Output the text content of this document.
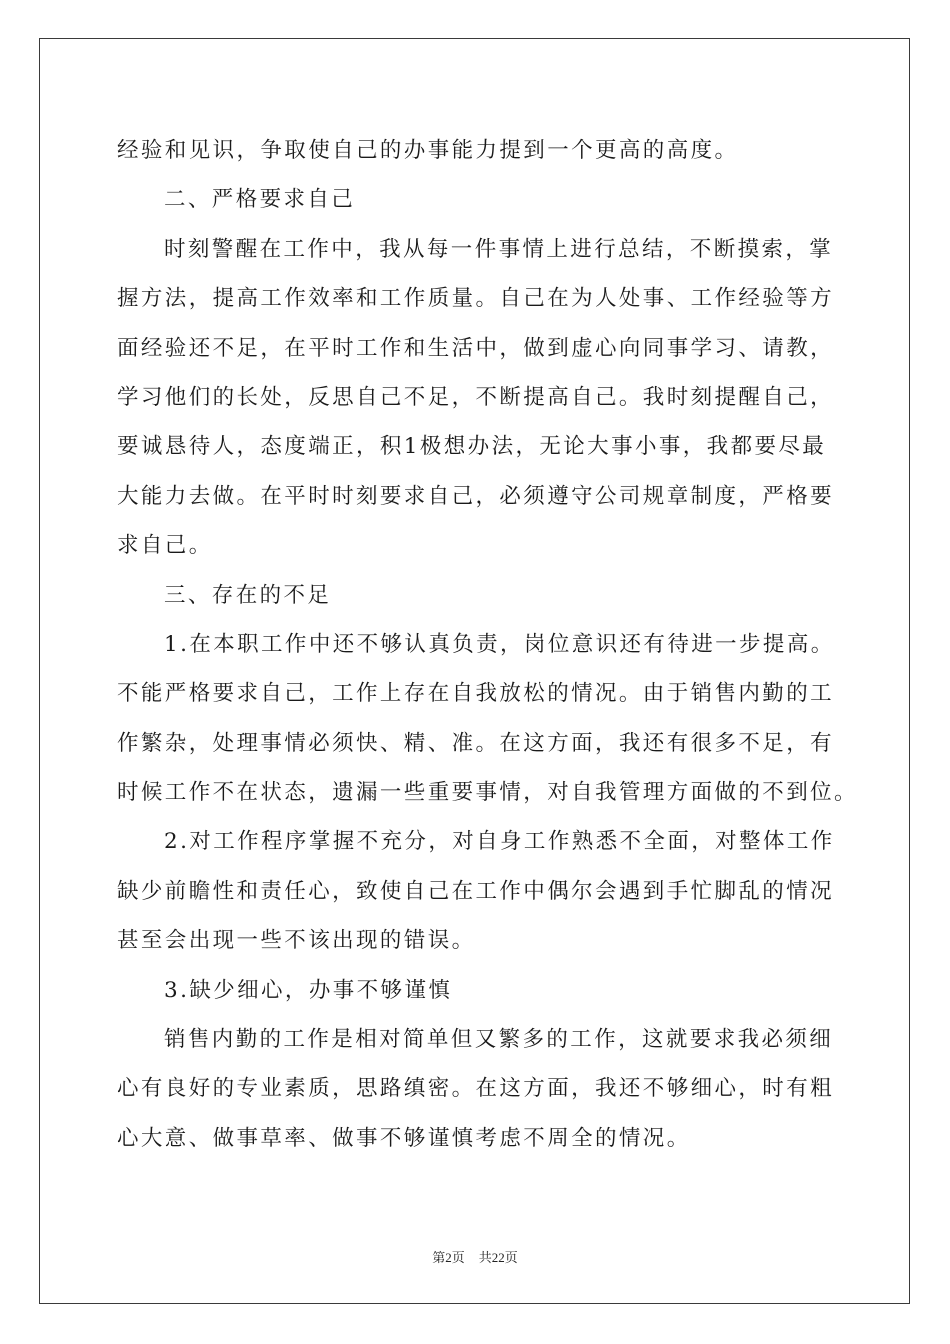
经验和见识，争取使自己的办事能力提到一个更高的高度。
二、严格要求自己
时刻警醒在工作中，我从每一件事情上进行总结，不断摸索，掌
握方法，提高工作效率和工作质量。自己在为人处事、工作经验等方
面经验还不足，在平时工作和生活中，做到虚心向同事学习、请教，
学习他们的长处，反思自己不足，不断提高自己。我时刻提醒自己，
要诚恳待人，态度端正，积1极想办法，无论大事小事，我都要尽最
大能力去做。在平时时刻要求自己，必须遵守公司规章制度，严格要
求自己。
三、存在的不足
1.在本职工作中还不够认真负责，岗位意识还有待进一步提高。
不能严格要求自己，工作上存在自我放松的情况。由于销售内勤的工
作繁杂，处理事情必须快、精、准。在这方面，我还有很多不足，有
时候工作不在状态，遗漏一些重要事情，对自我管理方面做的不到位。
2.对工作程序掌握不充分，对自身工作熟悉不全面，对整体工作
缺少前瞻性和责任心，致使自己在工作中偶尔会遇到手忙脚乱的情况
甚至会出现一些不该出现的错误。
3.缺少细心，办事不够谨慎
销售内勤的工作是相对简单但又繁多的工作，这就要求我必须细
心有良好的专业素质，思路缜密。在这方面，我还不够细心，时有粗
心大意、做事草率、做事不够谨慎考虑不周全的情况。
第2页 共22页
